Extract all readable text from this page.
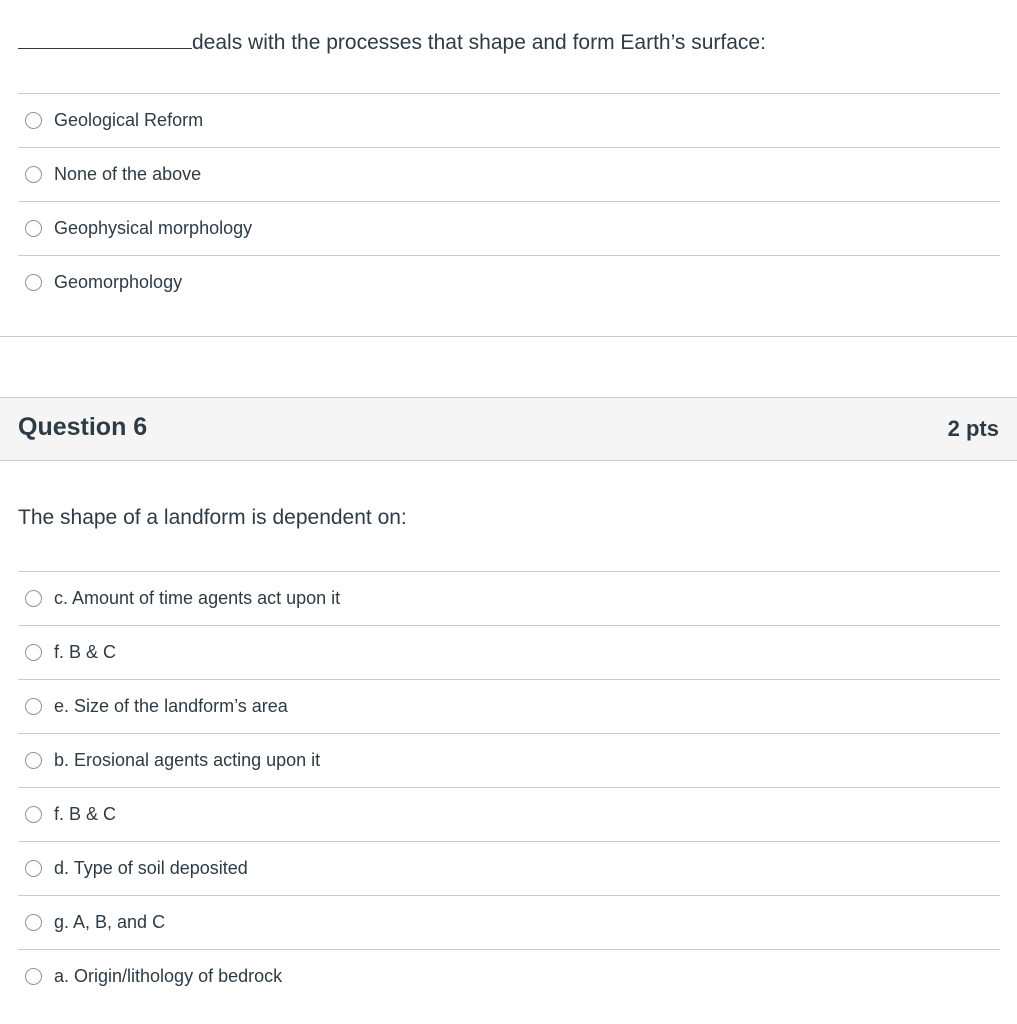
deals with the processes that shape and form Earth’s surface:
Geological Reform
None of the above
Geophysical morphology
Geomorphology
Question 6	2 pts
The shape of a landform is dependent on:
c. Amount of time agents act upon it
f. B & C
e. Size of the landform’s area
b. Erosional agents acting upon it
f. B & C
d. Type of soil deposited
g. A, B, and C
a. Origin/lithology of bedrock
